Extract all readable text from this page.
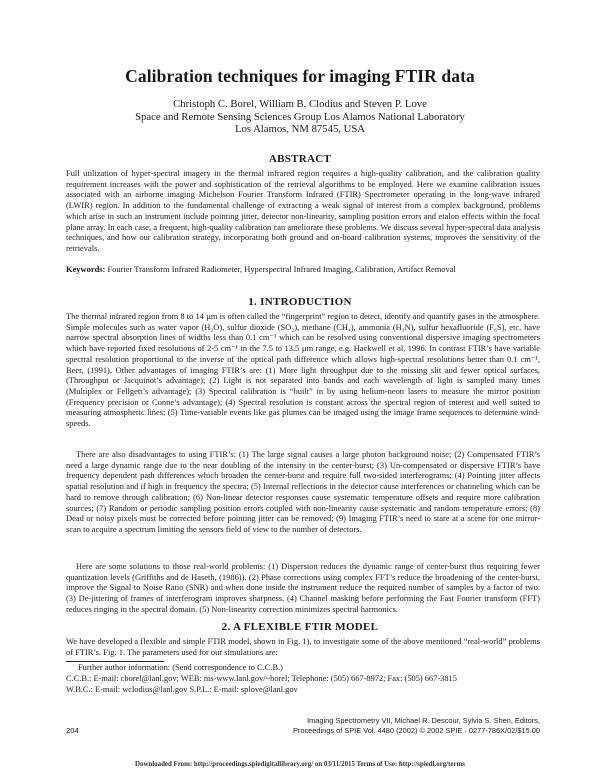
Calibration techniques for imaging FTIR data
Christoph C. Borel, William B. Clodius and Steven P. Love
Space and Remote Sensing Sciences Group Los Alamos National Laboratory
Los Alamos, NM 87545, USA
ABSTRACT

Full utilization of hyper-spectral imagery in the thermal infrared region requires a high-quality calibration, and the calibration quality requirement increases with the power and sophistication of the retrieval algorithms to be employed. Here we examine calibration issues associated with an airborne imaging Michelson Fourier Transform Infrared (FTIR) Spectrometer operating in the long-wave infrared (LWIR) region. In addition to the fundamental challenge of extracting a weak signal of interest from a complex background, problems which arise in such an instrument include pointing jitter, detector non-linearity, sampling position errors and etalon effects within the focal plane array. In each case, a frequent, high-quality calibration can ameliorate these problems. We discuss several hyper-spectral data analysis techniques, and how our calibration strategy, incorporating both ground and on-board calibration systems, improves the sensitivity of the retrievals.

Keywords: Fourier Transform Infrared Radiometer, Hyperspectral Infrared Imaging, Calibration, Artifact Removal

1. INTRODUCTION

The thermal infrared region from 8 to 14 µm is often called the “fingerprint” region to detect, identify and quantify gases in the atmosphere. Simple molecules such as water vapor (H₂O), sulfur dioxide (SO₂), methane (CH₄), ammonia (H₃N), sulfur hexafluoride (F₆S), etc. have narrow spectral absorption lines of widths less than 0.1 cm⁻¹ which can be resolved using conventional dispersive imaging spectrometers which have reported fixed resolutions of 2-5 cm⁻¹ in the 7.5 to 13.5 µm range, e.g. Hackwell et al, 1996. In contrast FTIR’s have variable spectral resolution proportional to the inverse of the optical path difference which allows high-spectral resolutions better than 0.1 cm⁻¹, Beer, (1991). Other advantages of imaging FTIR’s are: (1) More light throughput due to the missing slit and fewer optical surfaces, (Throughput or Jacquinot’s advantage); (2) Light is not separated into bands and each wavelength of light is sampled many times (Multiplex or Fellgett’s advantage); (3) Spectral calibration is “built” in by using helium-neon lasers to measure the mirror position (Frequency precision or Conne’s advantage); (4) Spectral resolution is constant across the spectral region of interest and well suited to measuring atmospheric lines; (5) Time-variable events like gas plumes can be imaged using the image frame sequences to determine wind-speeds.

There are also disadvantages to using FTIR’s: (1) The large signal causes a large photon background noise; (2) Compensated FTIR’s need a large dynamic range due to the near doubling of the intensity in the center-burst; (3) Un-compensated or dispersive FTIR’s have frequency dependent path differences which broaden the center-burst and require full two-sided interferograms; (4) Pointing jitter affects spatial resolution and if high in frequency the spectra; (5) Internal reflections in the detector cause interferences or channeling which can be hard to remove through calibration; (6) Non-linear detector responses cause systematic temperature offsets and require more calibration sources; (7) Random or periodic sampling position errors coupled with non-linearity cause systematic and random temperature errors; (8) Dead or noisy pixels must be corrected before pointing jitter can be removed; (9) Imaging FTIR’s need to stare at a scene for one mirror-scan to acquire a spectrum limiting the sensors field of view to the number of detectors.

Here are some solutions to those real-world problems: (1) Dispersion reduces the dynamic range of center-burst thus requiring fewer quantization levels (Griffiths and de Haseth, (1986)). (2) Phase corrections using complex FFT’s reduce the broadening of the center-burst, improve the Signal to Noise Ratio (SNR) and when done inside the instrument reduce the required number of samples by a factor of two. (3) De-jittering of frames of interferogram improves sharpness. (4) Channel masking before performing the Fast Fourier transform (FFT) reduces ringing in the spectral domain. (5) Non-linearity correction minimizes spectral harmonics.

2. A FLEXIBLE FTIR MODEL

We have developed a flexible and simple FTIR model, shown in Fig. 1), to investigate some of the above mentioned “real-world” problems of FTIR’s. Fig. 1. The parameters used for our simulations are:

Further author information: (Send correspondence to C.C.B.)
C.C.B.: E-mail: cborel@lanl.gov; WEB: nis-www.lanl.gov/~borel; Telephone: (505) 667-8972; Fax: (505) 667-3815
W.B.C.: E-mail: wclodius@lanl.gov S.P.L.: E-mail: splove@lanl.gov
204
Imaging Spectrometry VII, Michael R. Descour, Sylvia S. Shen, Editors,
Proceedings of SPIE Vol. 4480 (2002) © 2002 SPIE · 0277-786X/02/$15.00
Downloaded From: http://proceedings.spiedigitallibrary.org/ on 03/11/2015 Terms of Use: http://spiedl.org/terms
